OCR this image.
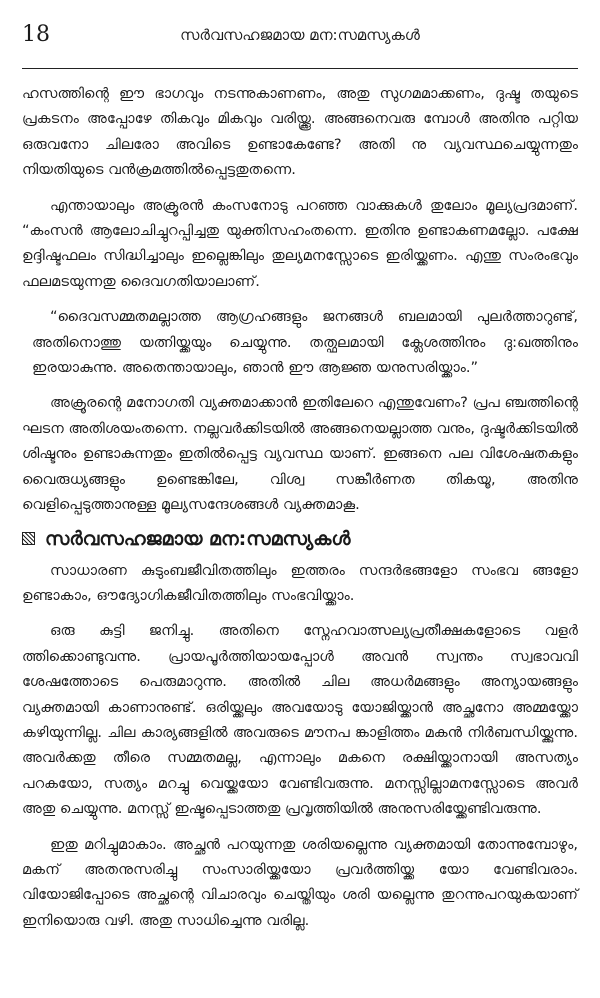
18	സർവസഹജമായ മന:സമസ്യകൾ

ഹസത്തിന്റെ ഈ ഭാഗവും നടന്നുകാണണം, അതു സുഗമമാക്കണം, ദുഷ്ട തയുടെ പ്രകടനം അപ്പോഴേ തികവും മികവും വരിയ്ക്കൂ. അങ്ങനെവരു മ്പോൾ അതിനു പറ്റിയ ഒരുവനോ ചിലരോ അവിടെ ഉണ്ടാകേണ്ടേ? അതി നു വ്യവസ്ഥചെയ്യുന്നതും നിയതിയുടെ വൻക്രമത്തിൽപ്പെട്ടതുതന്നെ.

എന്തായാലും അക്രൂരൻ കംസനോടു പറഞ്ഞ വാക്കുകൾ തുലോം മൂല്യപ്രദമാണ്. “കംസൻ ആലോചിച്ചുറപ്പിച്ചതു യുക്തിസഹംതന്നെ. ഇതിനു ഉണ്ടാകണമല്ലോ. പക്ഷേ ഉദ്ദിഷ്ടഫലം സിദ്ധിച്ചാലും ഇല്ലെങ്കിലും തുല്യമനസ്സോടെ ഇരിയ്ക്കണം. എന്തു സംരംഭവും ഫലമടയുന്നതു ദൈവഗതിയാലാണ്.

“ദൈവസമ്മതമല്ലാത്ത ആഗ്രഹങ്ങളും ജനങ്ങൾ ബലമായി പുലർത്താറുണ്ട്, അതിനൊത്തു യത്നിയ്ക്കയും ചെയ്യുന്നു. തത്ഫലമായി ക്ലേശത്തിനും ദു:ഖത്തിനും ഇരയാകുന്നു. അതെന്തായാലും, ഞാൻ ഈ ആജ്ഞ യനുസരിയ്ക്കാം.”

അക്രൂരന്റെ മനോഗതി വ്യക്തമാക്കാൻ ഇതിലേറെ എന്തുവേണം? പ്രപ ഞ്ചത്തിന്റെ ഘടന അതിശയംതന്നെ. നല്ലവർക്കിടയിൽ അങ്ങനെയല്ലാത്ത വനും, ദുഷ്ടർക്കിടയിൽ ശിഷ്ടനും ഉണ്ടാകുന്നതും ഇതിൽപ്പെട്ട വ്യവസ്ഥ യാണ്. ഇങ്ങനെ പല വിശേഷതകളും വൈരുധ്യങ്ങളും ഉണ്ടെങ്കിലേ, വിശ്വ സങ്കീർണത തികയൂ, അതിനു വെളിപ്പെടുത്താനുള്ള മൂല്യസന്ദേശങ്ങൾ വ്യക്തമാകൂ.

സർവസഹജമായ മന:സമസ്യകൾ

സാധാരണ കുടുംബജീവിതത്തിലും ഇത്തരം സന്ദർഭങ്ങളോ സംഭവ ങ്ങളോ ഉണ്ടാകാം, ഔദ്യോഗികജീവിതത്തിലും സംഭവിയ്ക്കാം.

ഒരു കുട്ടി ജനിച്ചു. അതിനെ സ്നേഹവാത്സല്യപ്രതീക്ഷകളോടെ വളർ ത്തിക്കൊണ്ടുവന്നു. പ്രായപൂർത്തിയായപ്പോൾ അവൻ സ്വന്തം സ്വഭാവവി ശേഷത്തോടെ പെരുമാറുന്നു. അതിൽ ചില അധർമങ്ങളും അന്യായങ്ങളും വ്യക്തമായി കാണാനുണ്ട്. ഒരിയ്ക്കലും അവയോടു യോജിയ്ക്കാൻ അച്ഛനോ അമ്മയ്ക്കോ കഴിയുന്നില്ല. ചില കാര്യങ്ങളിൽ അവരുടെ മൗനപ ങ്കാളിത്തം മകൻ നിർബന്ധിയ്ക്കുന്നു. അവർക്കതു തീരെ സമ്മതമല്ല, എന്നാലും മകനെ രക്ഷിയ്ക്കാനായി അസത്യം പറകയോ, സത്യം മറച്ചു വെയ്ക്കയോ വേണ്ടിവരുന്നു. മനസ്സില്ലാമനസ്സോടെ അവർ അതു ചെയ്യുന്നു. മനസ്സ് ഇഷ്ടപ്പെടാത്തതു പ്രവൃത്തിയിൽ അനുസരിയ്ക്കേണ്ടിവരുന്നു.

ഇതു മറിച്ചുമാകാം. അച്ഛൻ പറയുന്നതു ശരിയല്ലെന്നു വ്യക്തമായി തോന്നുമ്പോഴും, മകന് അതനുസരിച്ചു സംസാരിയ്ക്കയോ പ്രവർത്തിയ്ക്ക യോ വേണ്ടിവരാം. വിയോജിപ്പോടെ അച്ഛന്റെ വിചാരവും ചെയ്തിയും ശരി യല്ലെന്നു തുറന്നുപറയുകയാണ് ഇനിയൊരു വഴി. അതു സാധിച്ചെന്നു വരില്ല.
